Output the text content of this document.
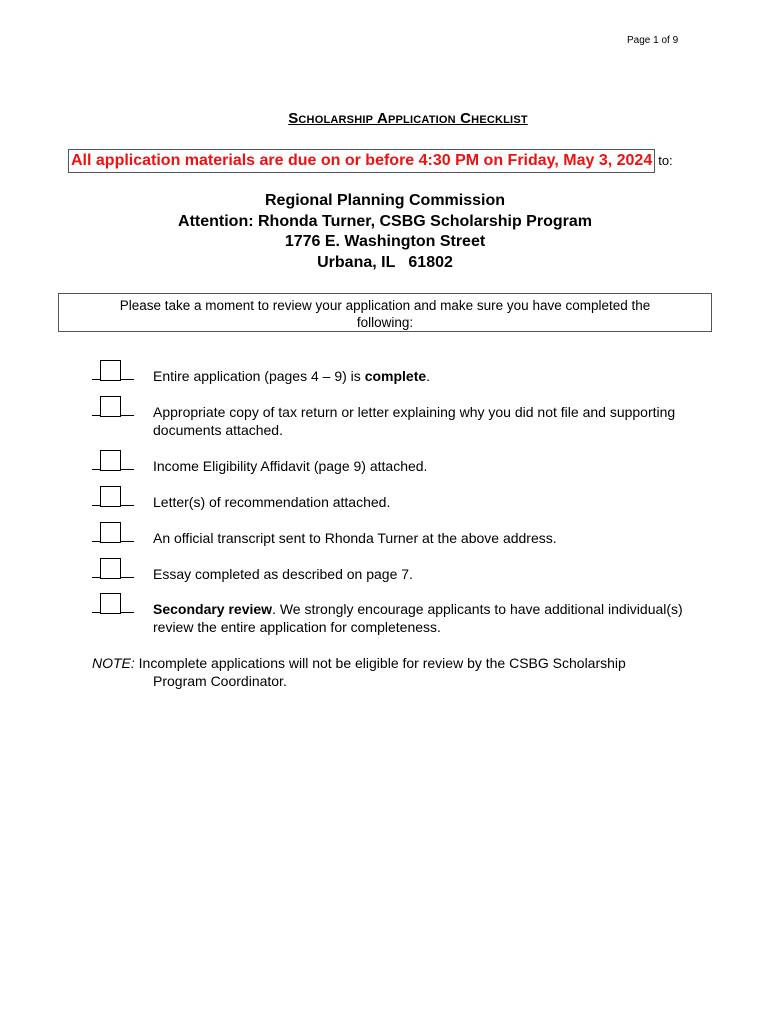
Page 1 of 9
Scholarship Application Checklist
All application materials are due on or before 4:30 PM on Friday, May 3, 2024 to:
Regional Planning Commission
Attention: Rhonda Turner, CSBG Scholarship Program
1776 E. Washington Street
Urbana, IL   61802
Please take a moment to review your application and make sure you have completed the
following:
Entire application (pages 4 – 9) is complete.
Appropriate copy of tax return or letter explaining why you did not file and supporting documents attached.
Income Eligibility Affidavit (page 9) attached.
Letter(s) of recommendation attached.
An official transcript sent to Rhonda Turner at the above address.
Essay completed as described on page 7.
Secondary review. We strongly encourage applicants to have additional individual(s) review the entire application for completeness.
NOTE: Incomplete applications will not be eligible for review by the CSBG Scholarship
Program Coordinator.
